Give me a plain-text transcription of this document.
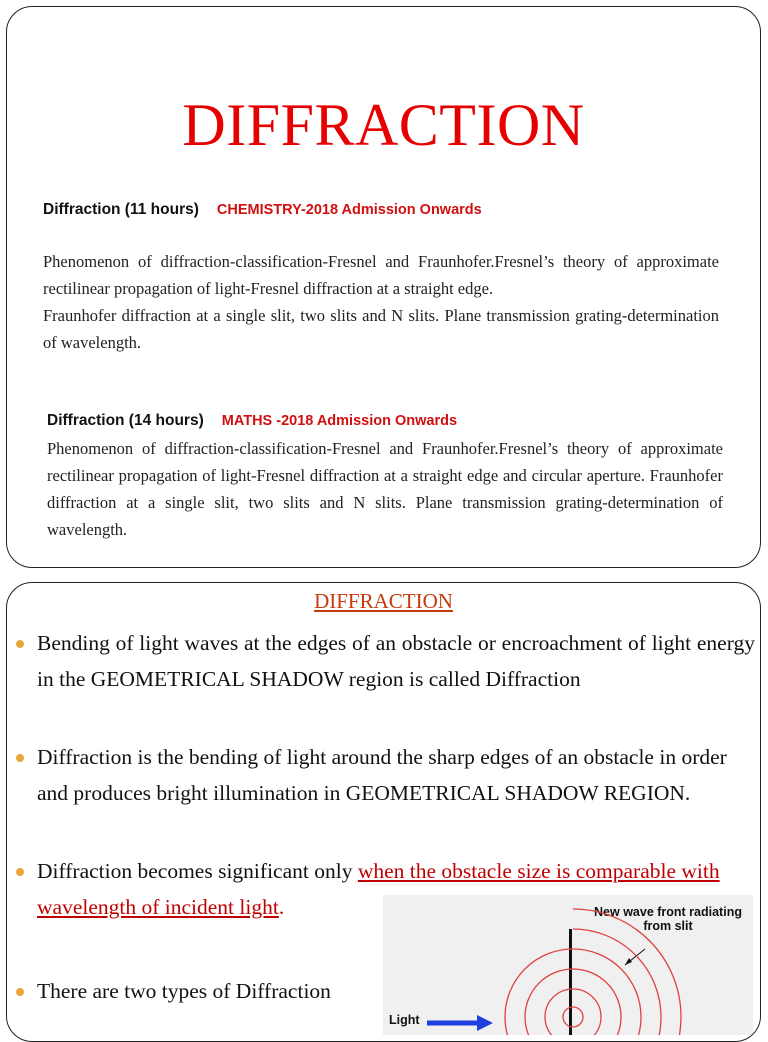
DIFFRACTION
Diffraction (11 hours) CHEMISTRY-2018 Admission Onwards
Phenomenon of diffraction-classification-Fresnel and Fraunhofer.Fresnel’s theory of approximate rectilinear propagation of light-Fresnel diffraction at a straight edge.
Fraunhofer diffraction at a single slit, two slits and N slits. Plane transmission grating-determination of wavelength.
Diffraction (14 hours) MATHS -2018 Admission Onwards
Phenomenon of diffraction-classification-Fresnel and Fraunhofer.Fresnel’s theory of approximate rectilinear propagation of light-Fresnel diffraction at a straight edge and circular aperture. Fraunhofer diffraction at a single slit, two slits and N slits. Plane transmission grating-determination of wavelength.
DIFFRACTION
Bending of light waves at the edges of an obstacle or encroachment of light energy in the GEOMETRICAL SHADOW region is called Diffraction
Diffraction is the bending of light around the sharp edges of an obstacle in order and produces bright illumination in GEOMETRICAL SHADOW REGION.
Diffraction becomes significant only when the obstacle size is comparable with wavelength of incident light.
There are two types of Diffraction
New wave front radiating from slit
Light
